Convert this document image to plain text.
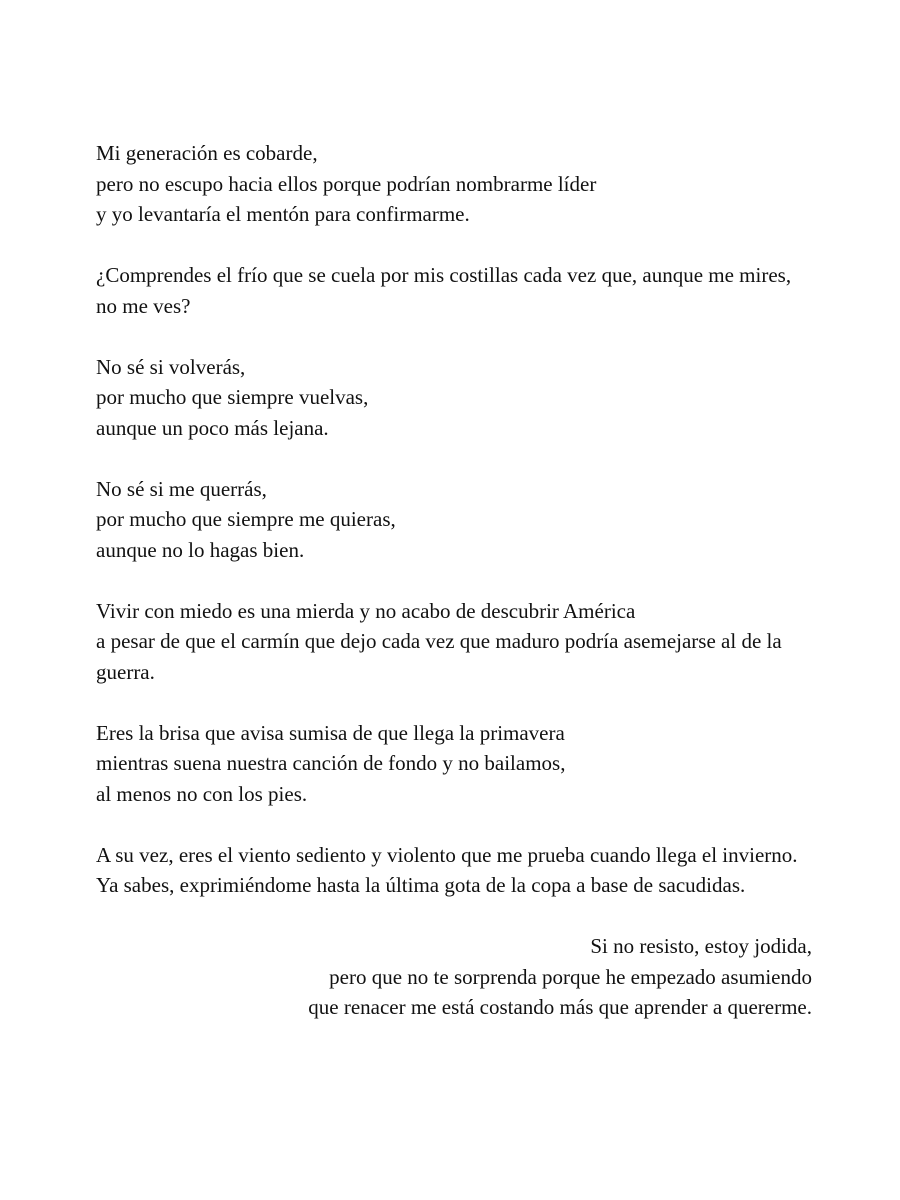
Mi generación es cobarde,
pero no escupo hacia ellos porque podrían nombrarme líder
y yo levantaría el mentón para confirmarme.
¿Comprendes el frío que se cuela por mis costillas cada vez que, aunque me mires, no me ves?
No sé si volverás,
por mucho que siempre vuelvas,
aunque un poco más lejana.
No sé si me querrás,
por mucho que siempre me quieras,
aunque no lo hagas bien.
Vivir con miedo es una mierda y no acabo de descubrir América
a pesar de que el carmín que dejo cada vez que maduro podría asemejarse al de la guerra.
Eres la brisa que avisa sumisa de que llega la primavera
mientras suena nuestra canción de fondo y no bailamos,
al menos no con los pies.
A su vez, eres el viento sediento y violento que me prueba cuando llega el invierno.
Ya sabes, exprimiéndome hasta la última gota de la copa a base de sacudidas.
Si no resisto, estoy jodida,
pero que no te sorprenda porque he empezado asumiendo
que renacer me está costando más que aprender a quererme.
